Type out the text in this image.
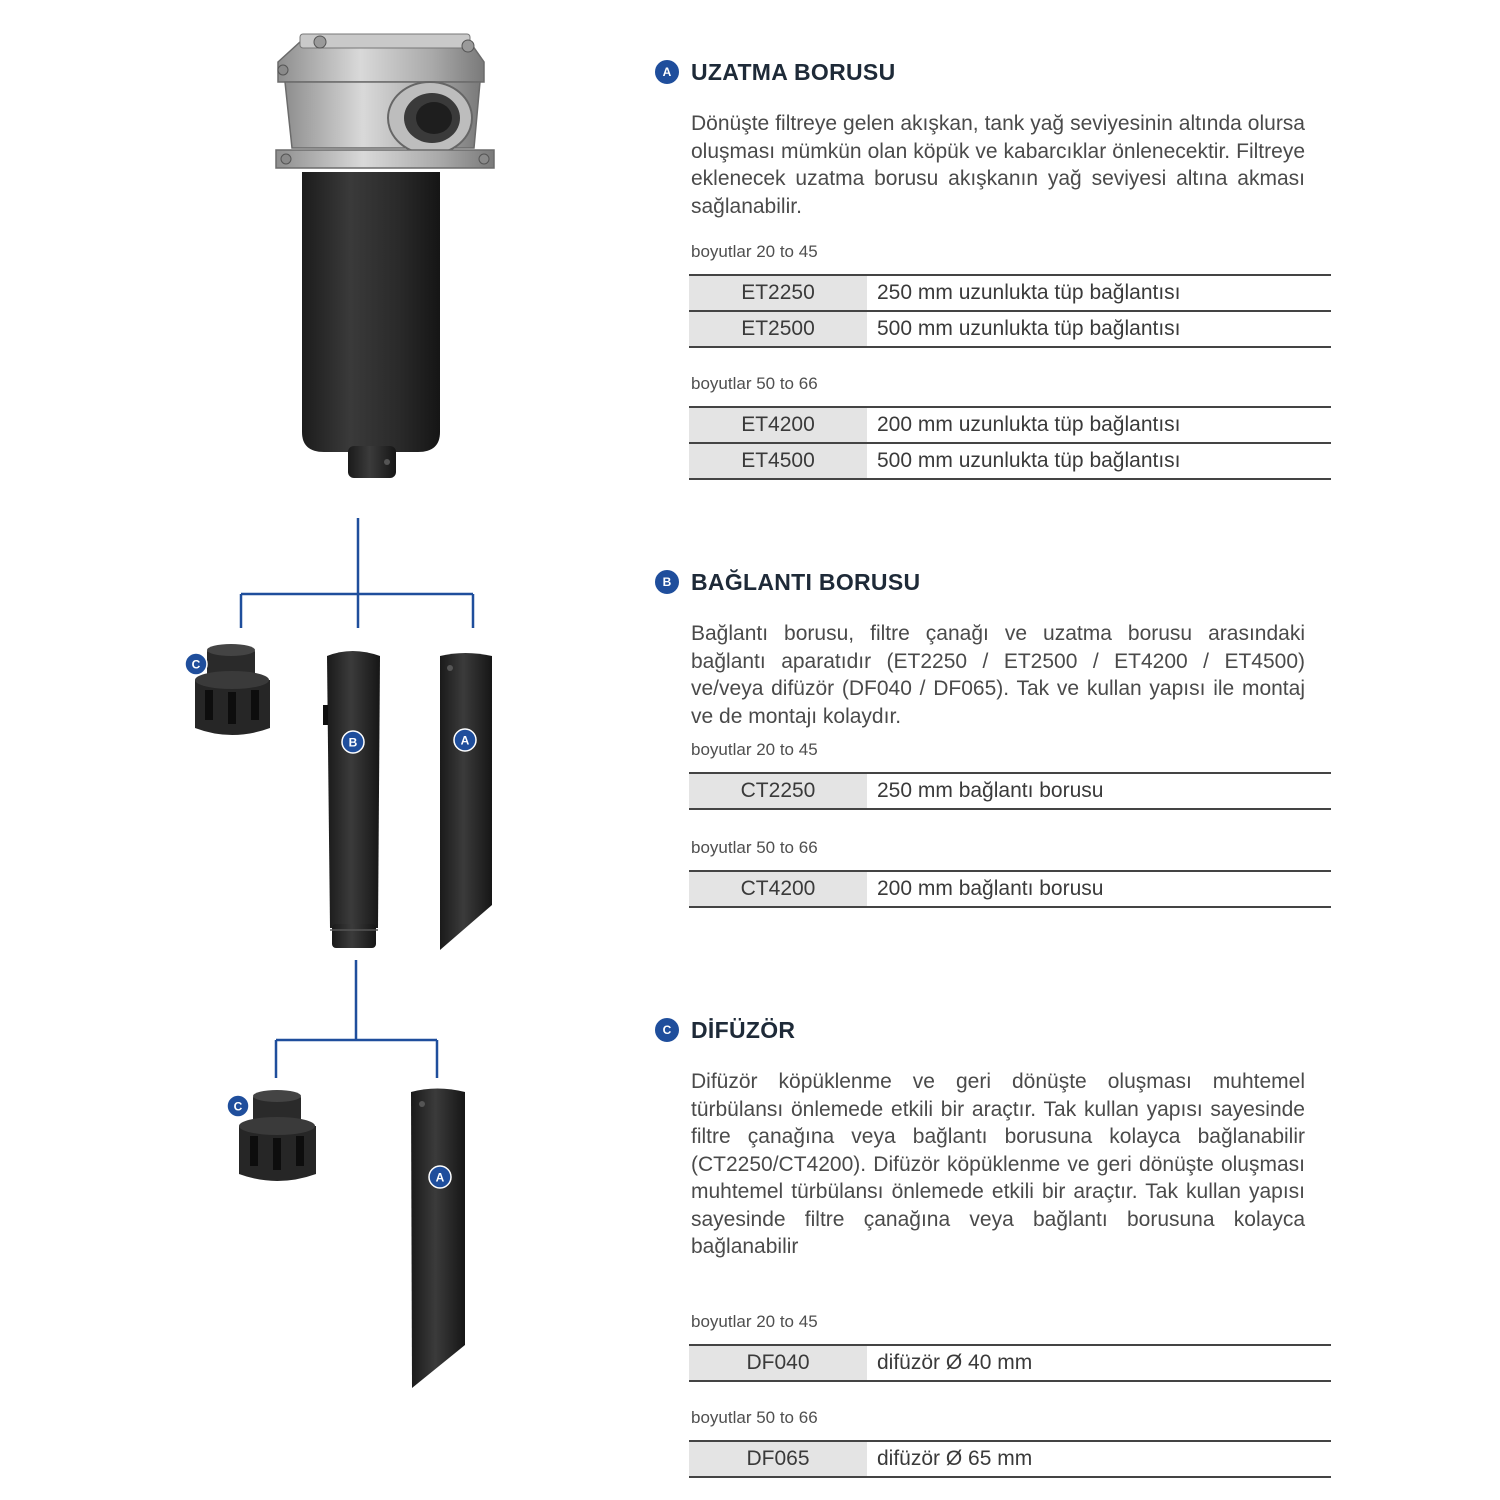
C
B	A
C
A
A UZATMA BORUSU
Dönüşte filtreye gelen akışkan, tank yağ seviyesinin altında olursa oluşması mümkün olan köpük ve kabarcıklar önlenecektir. Filtreye eklenecek uzatma borusu akışkanın yağ seviyesi altına akması sağlanabilir.
boyutlar 20 to 45
ET2250	250 mm uzunlukta tüp bağlantısı
ET2500	500 mm uzunlukta tüp bağlantısı
boyutlar 50 to 66
ET4200	200 mm uzunlukta tüp bağlantısı
ET4500	500 mm uzunlukta tüp bağlantısı
B BAĞLANTI BORUSU
Bağlantı borusu, filtre çanağı ve uzatma borusu arasındaki bağlantı aparatıdır (ET2250 / ET2500 / ET4200 / ET4500) ve/veya difüzör (DF040 / DF065). Tak ve kullan yapısı ile montaj ve de montajı kolaydır.
boyutlar 20 to 45
CT2250	250 mm bağlantı borusu
boyutlar 50 to 66
CT4200	200 mm bağlantı borusu
C DİFÜZÖR
Difüzör köpüklenme ve geri dönüşte oluşması muhtemel türbülansı önlemede etkili bir araçtır. Tak kullan yapısı sayesinde filtre çanağına veya bağlantı borusuna kolayca bağlanabilir (CT2250/CT4200). Difüzör köpüklenme ve geri dönüşte oluşması muhtemel türbülansı önlemede etkili bir araçtır. Tak kullan yapısı sayesinde filtre çanağına veya bağlantı borusuna kolayca bağlanabilir
boyutlar 20 to 45
DF040	difüzör Ø 40 mm
boyutlar 50 to 66
DF065	difüzör Ø 65 mm
